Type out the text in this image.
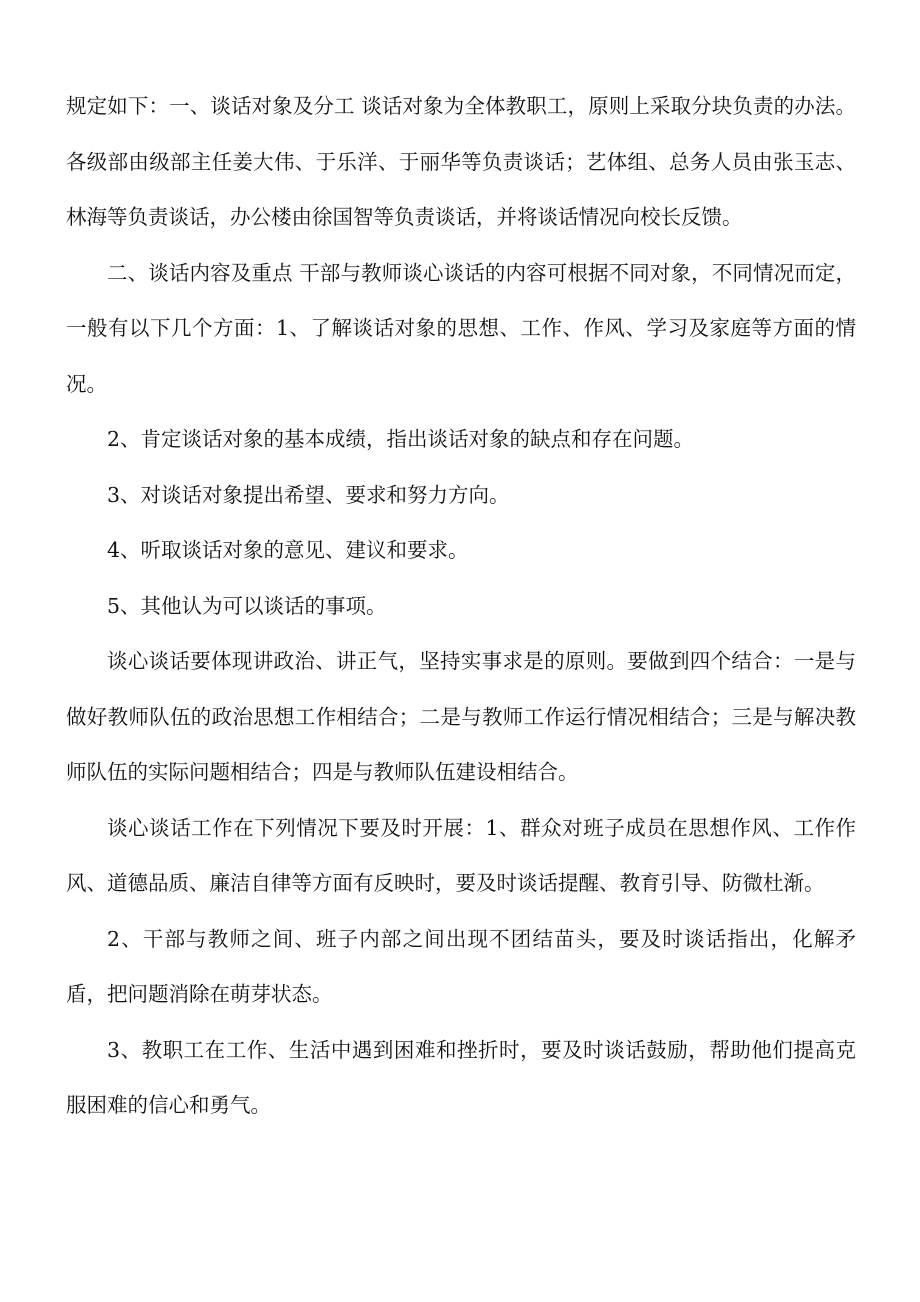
规定如下：一、谈话对象及分工 谈话对象为全体教职工，原则上采取分块负责的办法。各级部由级部主任姜大伟、于乐洋、于丽华等负责谈话；艺体组、总务人员由张玉志、林海等负责谈话，办公楼由徐国智等负责谈话，并将谈话情况向校长反馈。

二、谈话内容及重点 干部与教师谈心谈话的内容可根据不同对象，不同情况而定，一般有以下几个方面：1、了解谈话对象的思想、工作、作风、学习及家庭等方面的情况。

2、肯定谈话对象的基本成绩，指出谈话对象的缺点和存在问题。

3、对谈话对象提出希望、要求和努力方向。

4、听取谈话对象的意见、建议和要求。

5、其他认为可以谈话的事项。

谈心谈话要体现讲政治、讲正气，坚持实事求是的原则。要做到四个结合：一是与做好教师队伍的政治思想工作相结合；二是与教师工作运行情况相结合；三是与解决教师队伍的实际问题相结合；四是与教师队伍建设相结合。

谈心谈话工作在下列情况下要及时开展：1、群众对班子成员在思想作风、工作作风、道德品质、廉洁自律等方面有反映时，要及时谈话提醒、教育引导、防微杜渐。

2、干部与教师之间、班子内部之间出现不团结苗头，要及时谈话指出，化解矛盾，把问题消除在萌芽状态。

3、教职工在工作、生活中遇到困难和挫折时，要及时谈话鼓励，帮助他们提高克服困难的信心和勇气。
